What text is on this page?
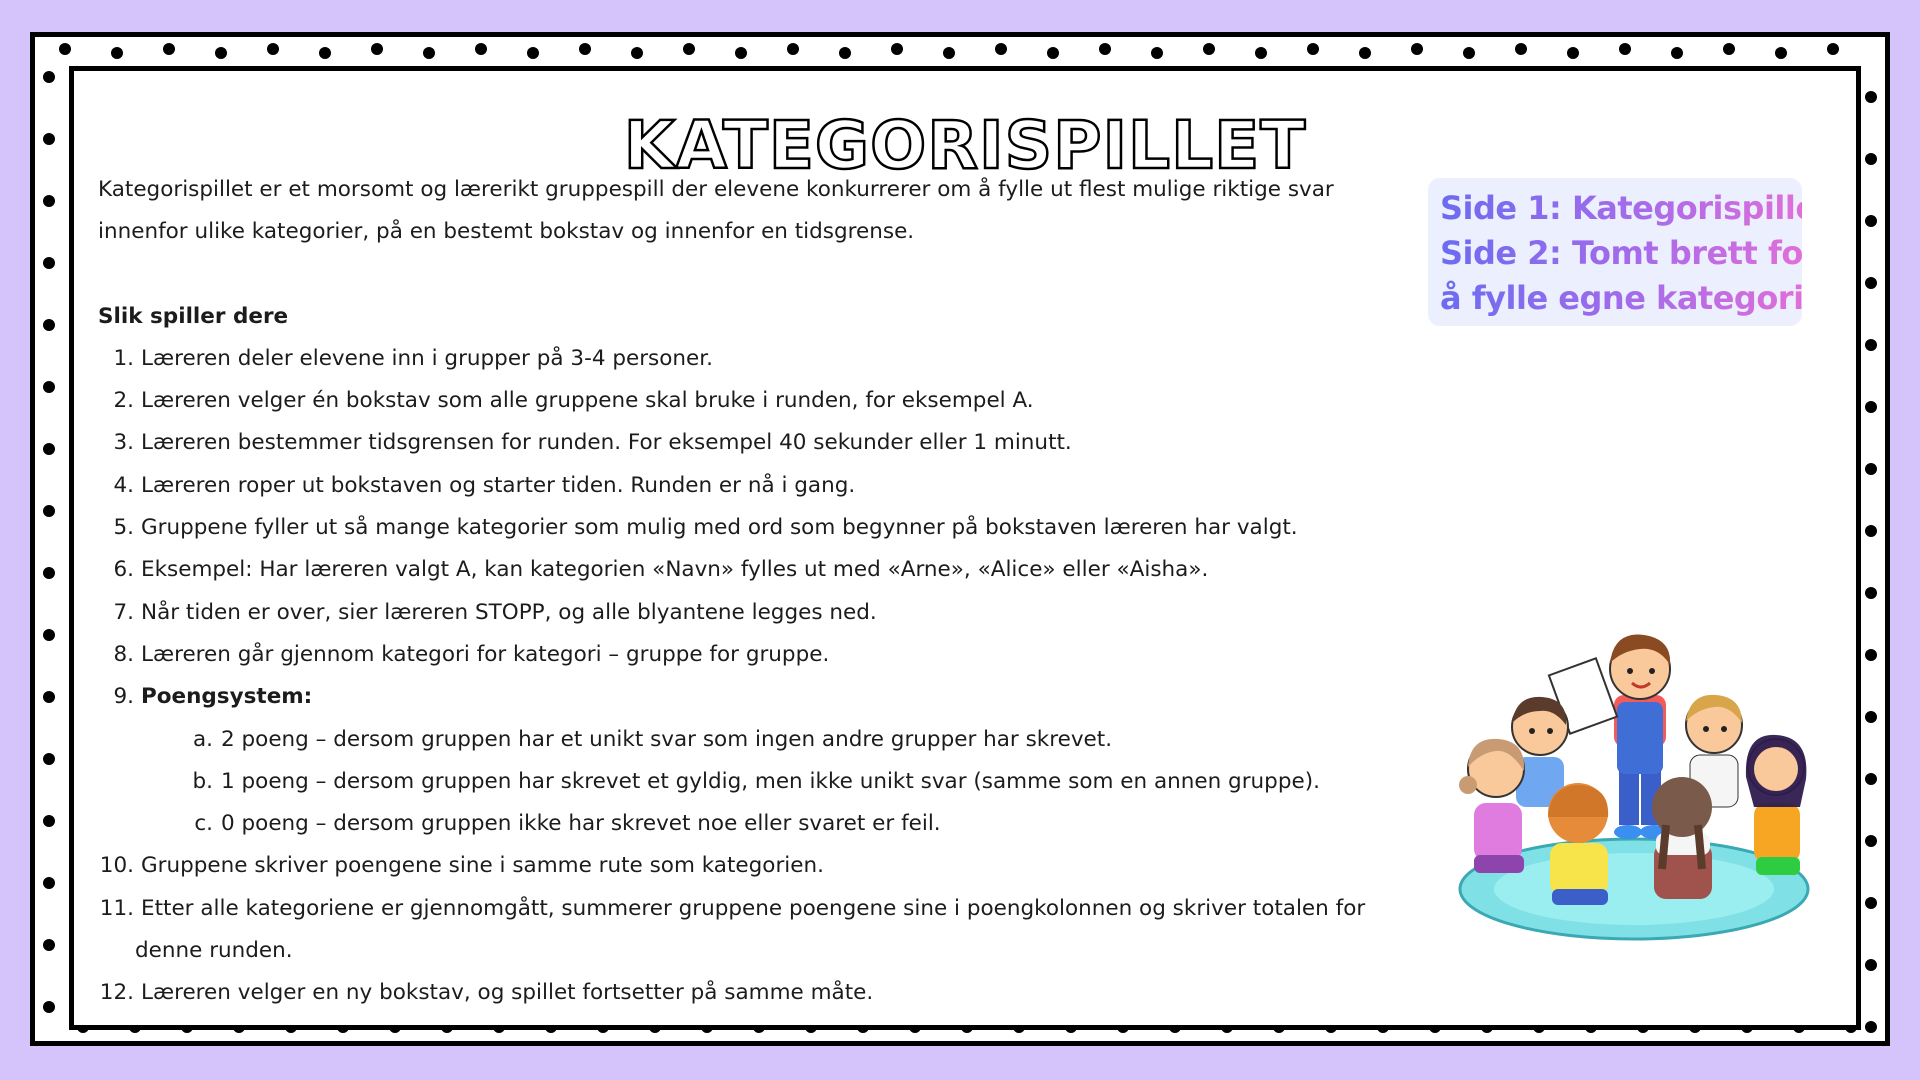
KATEGORISPILLET

Kategorispillet er et morsomt og lærerikt gruppespill der elevene konkurrerer om å fylle ut flest mulige riktige svar innenfor ulike kategorier, på en bestemt bokstav og innenfor en tidsgrense.

Slik spiller dere
1. Læreren deler elevene inn i grupper på 3-4 personer.
2. Læreren velger én bokstav som alle gruppene skal bruke i runden, for eksempel A.
3. Læreren bestemmer tidsgrensen for runden. For eksempel 40 sekunder eller 1 minutt.
4. Læreren roper ut bokstaven og starter tiden. Runden er nå i gang.
5. Gruppene fyller ut så mange kategorier som mulig med ord som begynner på bokstaven læreren har valgt.
6. Eksempel: Har læreren valgt A, kan kategorien «Navn» fylles ut med «Arne», «Alice» eller «Aisha».
7. Når tiden er over, sier læreren STOPP, og alle blyantene legges ned.
8. Læreren går gjennom kategori for kategori – gruppe for gruppe.
9. Poengsystem:
a. 2 poeng – dersom gruppen har et unikt svar som ingen andre grupper har skrevet.
b. 1 poeng – dersom gruppen har skrevet et gyldig, men ikke unikt svar (samme som en annen gruppe).
c. 0 poeng – dersom gruppen ikke har skrevet noe eller svaret er feil.
10. Gruppene skriver poengene sine i samme rute som kategorien.
11. Etter alle kategoriene er gjennomgått, summerer gruppene poengene sine i poengkolonnen og skriver totalen for
denne runden.
12. Læreren velger en ny bokstav, og spillet fortsetter på samme måte.
Side 1: Kategorispillet
Side 2: Tomt brett for
å fylle egne kategorier
